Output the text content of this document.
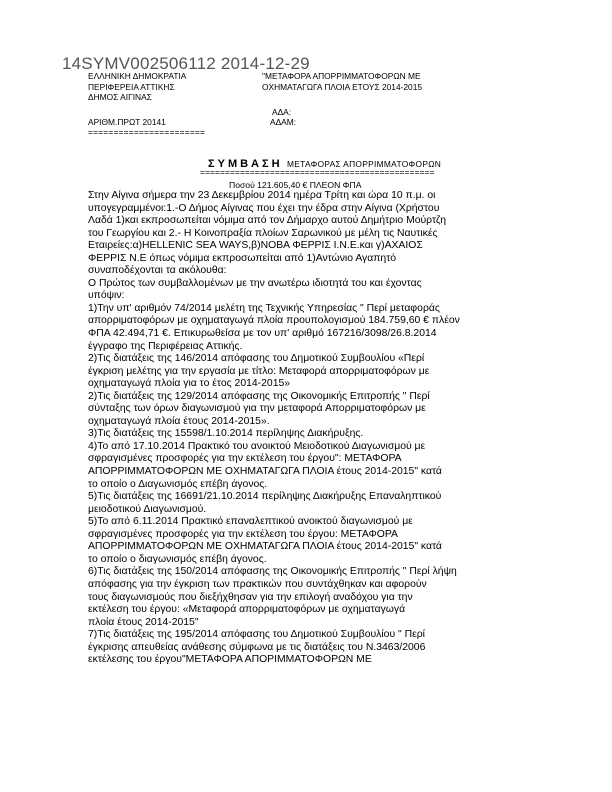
14SYMV002506112 2014-12-29
ΕΛΛΗΝΙΚΗ ΔΗΜΟΚΡΑΤΙΑ
ΠΕΡΙΦΕΡΕΙΑ ΑΤΤΙΚΗΣ
ΔΗΜΟΣ ΑΙΓΙΝΑΣ
"ΜΕΤΑΦΟΡΑ ΑΠΟΡΡΙΜΜΑΤΟΦΟΡΩΝ ΜΕ
ΟΧΗΜΑΤΑΓΩΓΑ ΠΛΟΙΑ ΕΤΟΥΣ 2014-2015
ΑΔΑ:
ΑΡΙΘΜ.ΠΡΩΤ 20141	ΑΔΑΜ:
=======================
ΣΥΜΒΑΣΗ ΜΕΤΑΦΟΡΑΣ ΑΠΟΡΡΙΜΜΑΤΟΦΟΡΩΝ
===============================================
Ποσού 121.605,40 € ΠΛΕΟΝ ΦΠΑ

Στην Αίγινα σήμερα την 23 Δεκεμβρίου 2014 ημέρα Τρίτη και ώρα 10 π.μ. οι

υπογεγραμμένοι:1.-Ο Δήμος Αίγινας που έχει την έδρα στην Αίγινα (Χρήστου

Λαδά 1)και εκπροσωπείται νόμιμα από τον Δήμαρχο αυτού Δημήτριο Μούρτζη

του Γεωργίου και 2.- Η Κοινοπραξία πλοίων Σαρωνικού με μέλη τις Ναυτικές

Εταιρείες:α)HELLENIC SEA WAYS,β)ΝΟΒΑ ΦΕΡΡΙΣ Ι.Ν.Ε.και γ)ΑΧΑΙΟΣ

ΦΕΡΡΙΣ Ν.Ε όπως νόμιμα εκπροσωπείται από 1)Αντώνιο Αγαπητό

συναποδέχονται τα ακόλουθα:

Ο Πρώτος των συμβαλλομένων με την ανωτέρω ιδιοτητά του και έχοντας

υπόψιν:

1)Την υπ' αριθμόν 74/2014 μελέτη της Τεχνικής Υπηρεσίας " Περί μεταφοράς

απορριματοφόρων με οχηματαγωγά πλοία προυπολογισμού 184.759,60 € πλέον

ΦΠΑ 42.494,71 €. Επικυρωθείσα με τον υπ' αριθμό 167216/3098/26.8.2014

έγγραφο της Περιφέρειας Αττικής.

2)Τις διατάξεις της 146/2014 απόφασης του Δημοτικού Συμβουλίου «Περί

έγκριση μελέτης για την εργασία με τίτλο: Μεταφορά απορριματοφόρων με

οχηματαγωγά πλοία για το έτος 2014-2015»

2)Τις διατάξεις της 129/2014 απόφασης της Οικονομικής Επιτροπής " Περί

σύνταξης των όρων διαγωνισμού για την μεταφορά Απορριματοφόρων με

οχηματαγωγά πλοία έτους 2014-2015».

3)Τις διατάξεις της 15598/1.10.2014 περίληψης Διακήρυξης.

4)Το από 17.10.2014 Πρακτικό του ανοικτού Μειοδοτικού Διαγωνισμού με

σφραγισμένες προσφορές για την εκτέλεση του έργου": ΜΕΤΑΦΟΡΑ

ΑΠΟΡΡΙΜΜΑΤΟΦΟΡΩΝ ΜΕ ΟΧΗΜΑΤΑΓΩΓΑ ΠΛΟΙΑ έτους 2014-2015" κατά

το οποίο ο Διαγωνισμός επέβη άγονος.

5)Τις διατάξεις της 16691/21.10.2014 περίληψης Διακήρυξης Επαναληπτικού

μειοδοτικού Διαγωνισμού.

5)Το από 6.11.2014 Πρακτικό επαναλεπτικού ανοικτού διαγωνισμού με

σφραγισμένες προσφορές για την εκτέλεση του έργου: ΜΕΤΑΦΟΡΑ

ΑΠΟΡΡΙΜΜΑΤΟΦΟΡΩΝ ΜΕ ΟΧΗΜΑΤΑΓΩΓΑ ΠΛΟΙΑ έτους 2014-2015" κατά

το οποίο ο διαγωνισμός επέβη άγονος.

6)Τις διατάξεις της 150/2014 απόφασης της Οικονομικής Επιτροπής " Περί λήψη

απόφασης για την έγκριση των πρακτικών που συντάχθηκαν και αφορούν

τους διαγωνισμούς που διεξήχθησαν για την επιλογή αναδόχου για την

εκτέλεση του έργου: «Μεταφορά απορριματοφόρων με οχηματαγωγά

πλοία έτους 2014-2015"

7)Τις διατάξεις της 195/2014 απόφασης του Δημοτικού Συμβουλίου " Περί

έγκρισης απευθείας ανάθεσης σύμφωνα με τις διατάξεις του Ν.3463/2006

εκτέλεσης του έργου"ΜΕΤΑΦΟΡΑ ΑΠΟΡΙΜΜΑΤΟΦΟΡΩΝ ΜΕ
